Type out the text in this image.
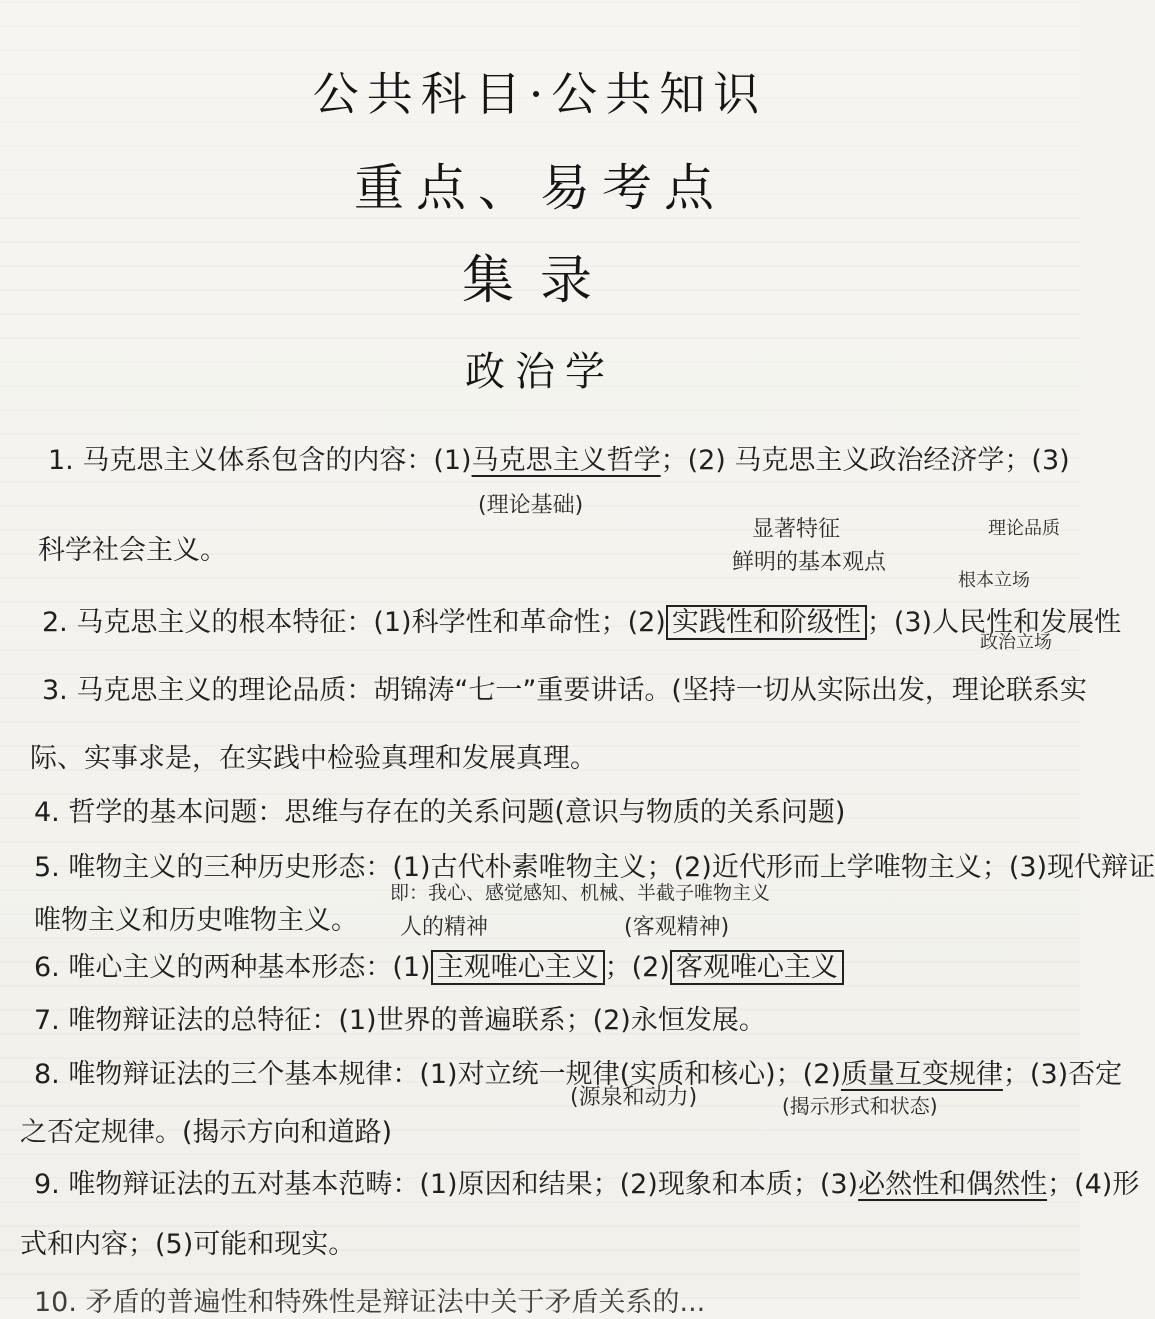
公共科目·公共知识
重点、易考点
集录
政治学
1. 马克思主义体系包含的内容：(1)马克思主义哲学；(2) 马克思主义政治经济学；(3)
(理论基础)
科学社会主义。
显著特征
鲜明的基本观点
根本立场
政治立场
理论品质
2. 马克思主义的根本特征：(1)科学性和革命性；(2) 实践性和阶级性 ；(3)人民性和发展性
3. 马克思主义的理论品质：胡锦涛“七一”重要讲话。(坚持一切从实际出发，理论联系实
际、实事求是，在实践中检验真理和发展真理。
4. 哲学的基本问题：思维与存在的关系问题(意识与物质的关系问题)
5. 唯物主义的三种历史形态：(1)古代朴素唯物主义；(2)近代形而上学唯物主义；(3)现代辩证
即：我心、感觉感知、机械、半截子唯物主义
唯物主义和历史唯物主义。 人的精神	(客观精神)
6. 唯心主义的两种基本形态：(1) 主观唯心主义 ；(2) 客观唯心主义
7. 唯物辩证法的总特征：(1)世界的普遍联系；(2)永恒发展。
8. 唯物辩证法的三个基本规律：(1)对立统一规律(实质和核心)；(2)质量互变规律；(3)否定
(源泉和动力)	(揭示形式和状态)
之否定规律。(揭示方向和道路)
9. 唯物辩证法的五对基本范畴：(1)原因和结果；(2)现象和本质；(3)必然性和偶然性；(4)形
式和内容；(5)可能和现实。
10. 矛盾的普遍性和特殊性是辩证法中关于矛盾关系的...
